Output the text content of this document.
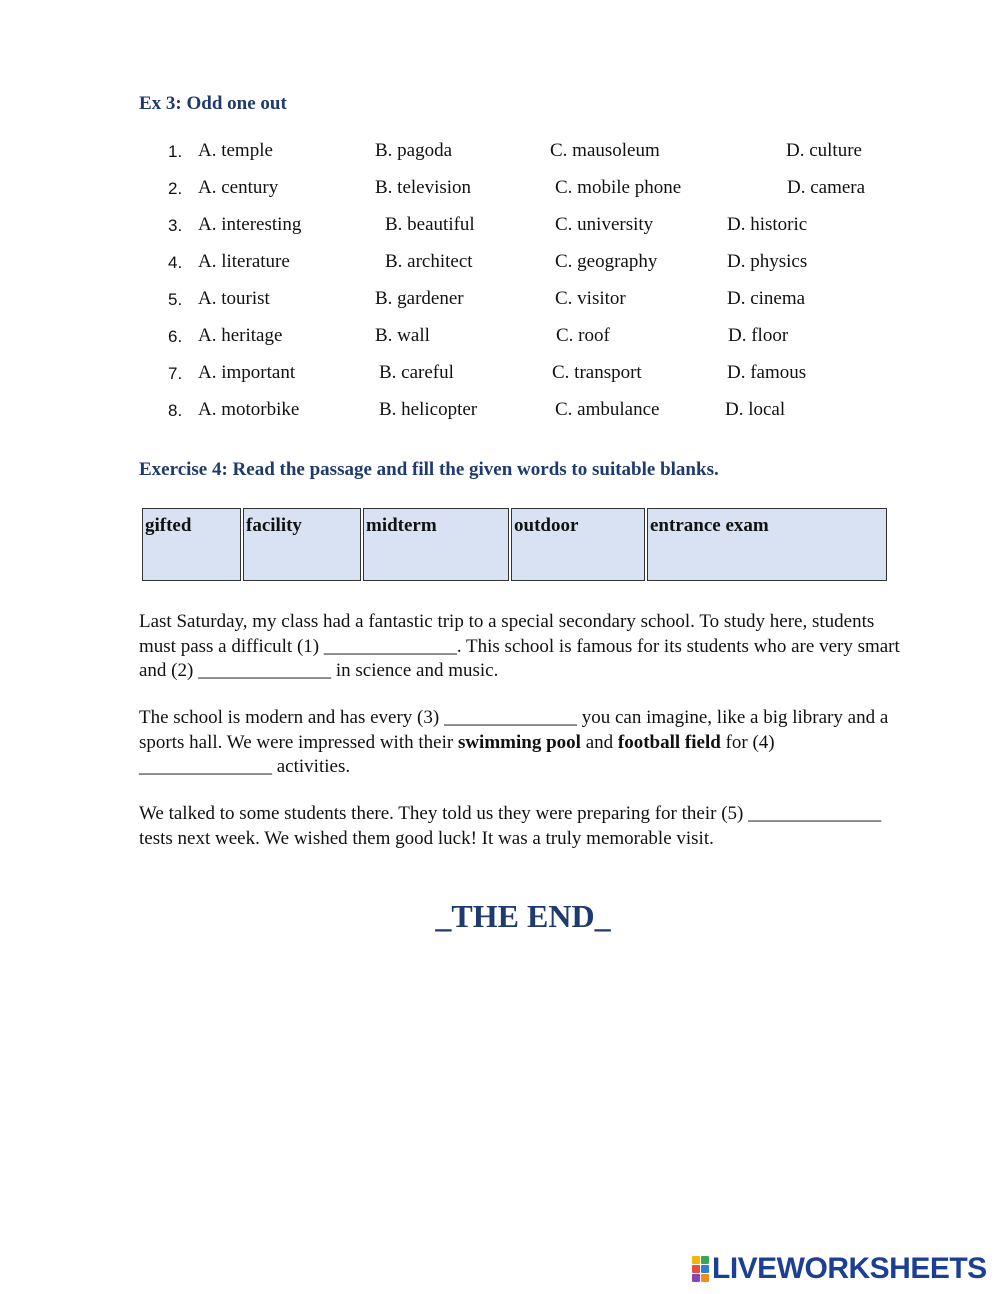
Ex 3: Odd one out
1. A. temple	B. pagoda	C. mausoleum	D. culture
2. A. century	B. television	C. mobile phone	D. camera
3. A. interesting	B. beautiful	C. university	D. historic
4. A. literature	B. architect	C. geography	D. physics
5. A. tourist	B. gardener	C. visitor	D. cinema
6. A. heritage	B. wall	C. roof	D. floor
7. A. important	B. careful	C. transport	D. famous
8. A. motorbike	B. helicopter	C. ambulance	D. local
Exercise 4: Read the passage and fill the given words to suitable blanks.
gifted	facility	midterm	outdoor	entrance exam

Last Saturday, my class had a fantastic trip to a special secondary school. To study here, students must pass a difficult (1) ______________. This school is famous for its students who are very smart and (2) ______________ in science and music.

The school is modern and has every (3) ______________ you can imagine, like a big library and a sports hall. We were impressed with their swimming pool and football field for (4) ______________ activities.

We talked to some students there. They told us they were preparing for their (5) ______________ tests next week. We wished them good luck! It was a truly memorable visit.

_THE END_
LIVEWORKSHEETS
